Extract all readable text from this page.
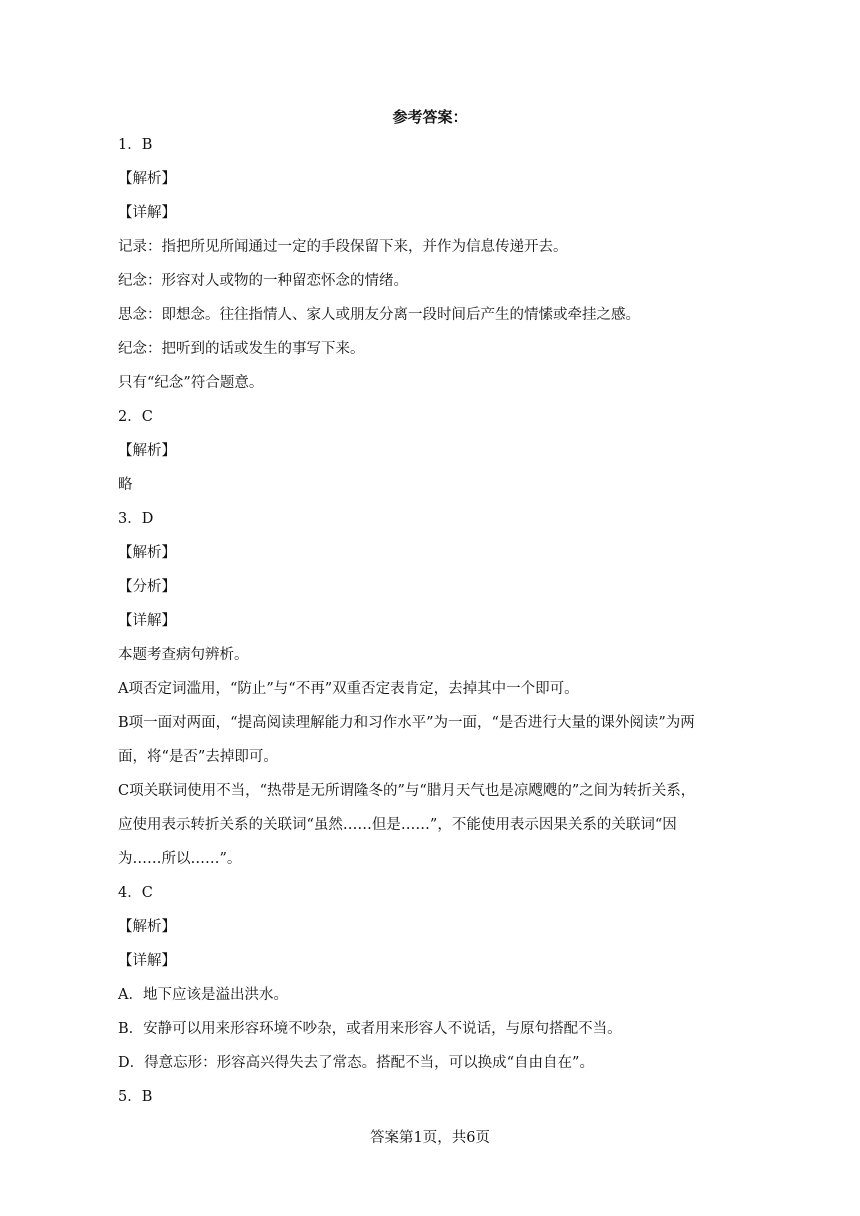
参考答案：
1．B
【解析】
【详解】
记录：指把所见所闻通过一定的手段保留下来，并作为信息传递开去。
纪念：形容对人或物的一种留恋怀念的情绪。
思念：即想念。往往指情人、家人或朋友分离一段时间后产生的情愫或牵挂之感。
纪念：把听到的话或发生的事写下来。
只有“纪念”符合题意。
2．C
【解析】
略
3．D
【解析】
【分析】
【详解】
本题考查病句辨析。
A项否定词滥用，“防止”与“不再”双重否定表肯定，去掉其中一个即可。
B项一面对两面，“提高阅读理解能力和习作水平”为一面，“是否进行大量的课外阅读”为两
面，将“是否”去掉即可。
C项关联词使用不当，“热带是无所谓隆冬的”与“腊月天气也是凉飕飕的”之间为转折关系，
应使用表示转折关系的关联词“虽然……但是……”，不能使用表示因果关系的关联词“因
为……所以……”。
4．C
【解析】
【详解】
A．地下应该是溢出洪水。
B．安静可以用来形容环境不吵杂，或者用来形容人不说话，与原句搭配不当。
D．得意忘形：形容高兴得失去了常态。搭配不当，可以换成“自由自在”。
5．B
答案第1页，共6页
